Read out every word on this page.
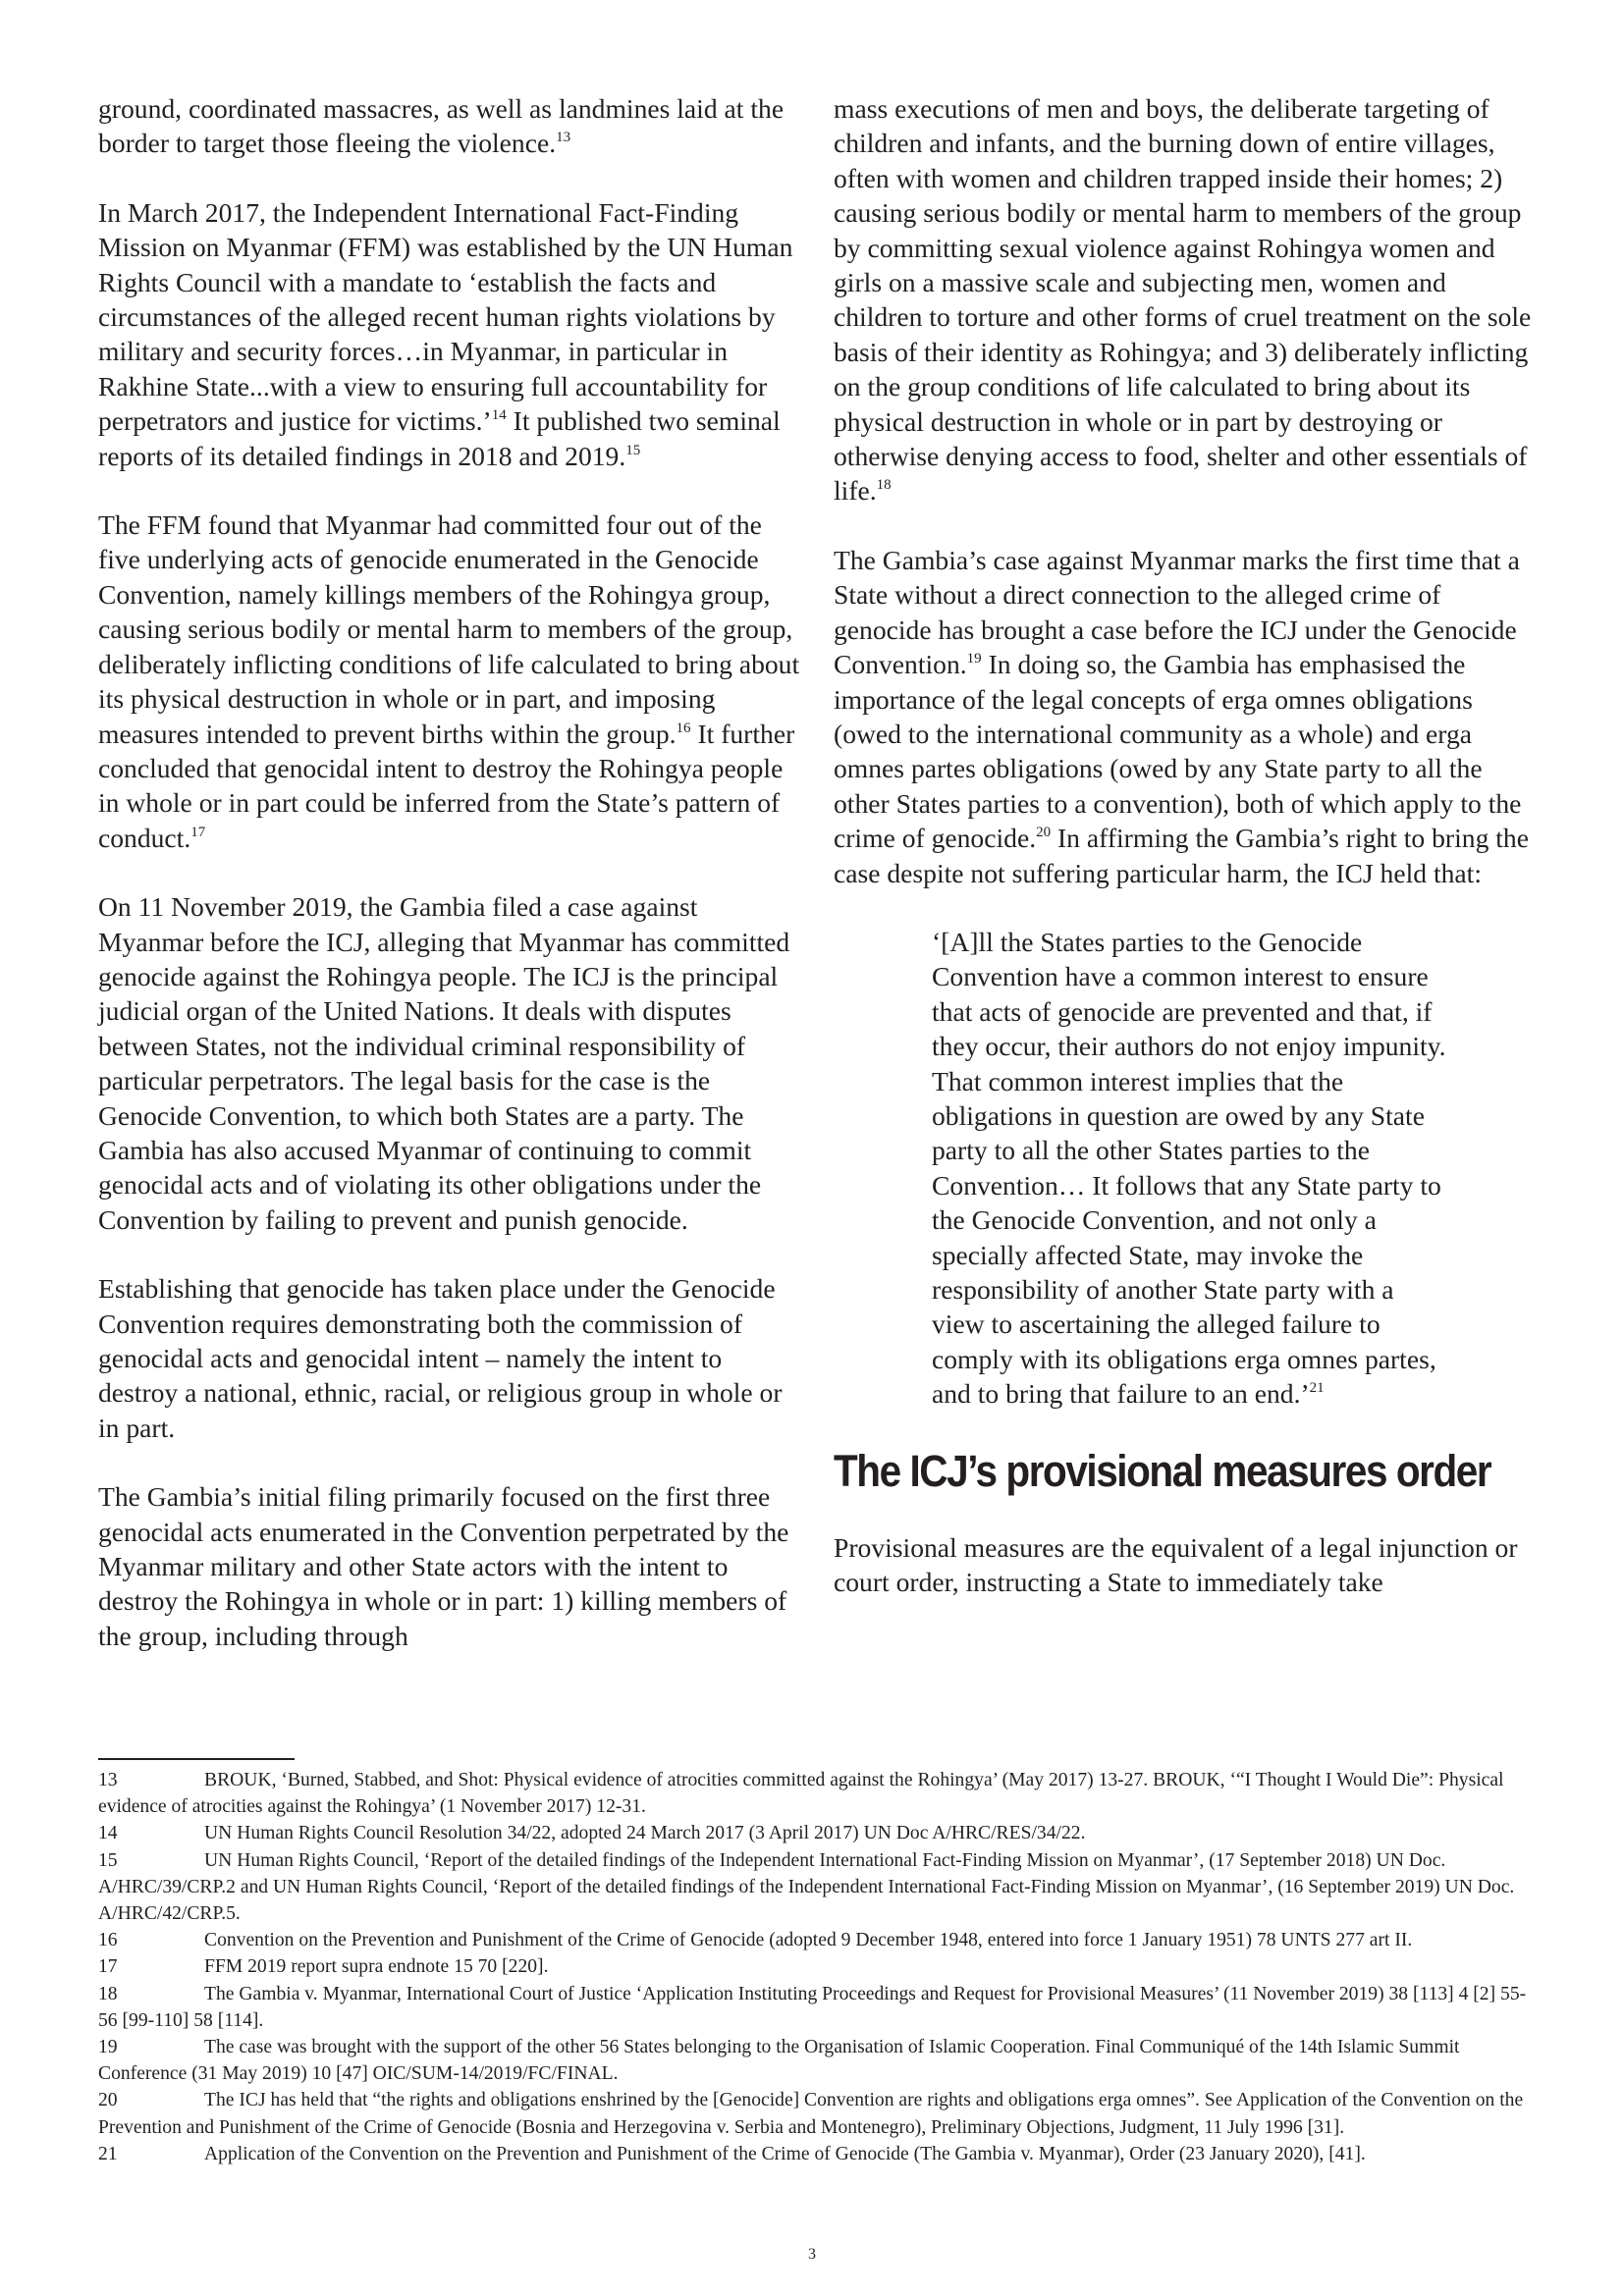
ground, coordinated massacres, as well as landmines laid at the border to target those fleeing the violence.$^{13}$

In March 2017, the Independent International Fact-Finding Mission on Myanmar (FFM) was established by the UN Human Rights Council with a mandate to ‘establish the facts and circumstances of the alleged recent human rights violations by military and security forces…in Myanmar, in particular in Rakhine State...with a view to ensuring full accountability for perpetrators and justice for victims.’$^{14}$ It published two seminal reports of its detailed findings in 2018 and 2019.15

The FFM found that Myanmar had committed four out of the five underlying acts of genocide enumerated in the Genocide Convention, namely killings members of the Rohingya group, causing serious bodily or mental harm to members of the group, deliberately inflicting conditions of life calculated to bring about its physical destruction in whole or in part, and imposing measures intended to prevent births within the group.$^{16}$ It further concluded that genocidal intent to destroy the Rohingya people in whole or in part could be inferred from the State’s pattern of conduct.$^{17}$

On 11 November 2019, the Gambia filed a case against Myanmar before the ICJ, alleging that Myanmar has committed genocide against the Rohingya people. The ICJ is the principal judicial organ of the United Nations. It deals with disputes between States, not the individual criminal responsibility of particular perpetrators. The legal basis for the case is the Genocide Convention, to which both States are a party. The Gambia has also accused Myanmar of continuing to commit genocidal acts and of violating its other obligations under the Convention by failing to prevent and punish genocide.

Establishing that genocide has taken place under the Genocide Convention requires demonstrating both the commission of genocidal acts and genocidal intent – namely the intent to destroy a national, ethnic, racial, or religious group in whole or in part.

The Gambia’s initial filing primarily focused on the first three genocidal acts enumerated in the Convention perpetrated by the Myanmar military and other State actors with the intent to destroy the Rohingya in whole or in part: 1) killing members of the group, including through

mass executions of men and boys, the deliberate targeting of children and infants, and the burning down of entire villages, often with women and children trapped inside their homes; 2) causing serious bodily or mental harm to members of the group by committing sexual violence against Rohingya women and girls on a massive scale and subjecting men, women and children to torture and other forms of cruel treatment on the sole basis of their identity as Rohingya; and 3) deliberately inflicting on the group conditions of life calculated to bring about its physical destruction in whole or in part by destroying or otherwise denying access to food, shelter and other essentials of life.$^{18}$

The Gambia’s case against Myanmar marks the first time that a State without a direct connection to the alleged crime of genocide has brought a case before the ICJ under the Genocide Convention.$^{19}$ In doing so, the Gambia has emphasised the importance of the legal concepts of erga omnes obligations (owed to the international community as a whole) and erga omnes partes obligations (owed by any State party to all the other States parties to a convention), both of which apply to the crime of genocide.$^{20}$ In affirming the Gambia’s right to bring the case despite not suffering particular harm, the ICJ held that:

‘[A]ll the States parties to the Genocide Convention have a common interest to ensure that acts of genocide are prevented and that, if they occur, their authors do not enjoy impunity. That common interest implies that the obligations in question are owed by any State party to all the other States parties to the Convention… It follows that any State party to the Genocide Convention, and not only a specially affected State, may invoke the responsibility of another State party with a view to ascertaining the alleged failure to comply with its obligations erga omnes partes, and to bring that failure to an end.’$^{21}$

The ICJ’s provisional measures order

Provisional measures are the equivalent of a legal injunction or court order, instructing a State to immediately take

13	BROUK, ‘Burned, Stabbed, and Shot: Physical evidence of atrocities committed against the Rohingya’ (May 2017) 13-27. BROUK, ‘“I Thought I Would Die”: Physical evidence of atrocities against the Rohingya’ (1 November 2017) 12-31.

14	UN Human Rights Council Resolution 34/22, adopted 24 March 2017 (3 April 2017) UN Doc A/HRC/RES/34/22.

15	UN Human Rights Council, ‘Report of the detailed findings of the Independent International Fact-Finding Mission on Myanmar’, (17 September 2018) UN Doc. A/HRC/39/CRP.2 and UN Human Rights Council, ‘Report of the detailed findings of the Independent International Fact-Finding Mission on Myanmar’, (16 September 2019) UN Doc. A/HRC/42/CRP.5.

16	Convention on the Prevention and Punishment of the Crime of Genocide (adopted 9 December 1948, entered into force 1 January 1951) 78 UNTS 277 art II.

17	FFM 2019 report supra endnote 15 70 [220].

18	The Gambia v. Myanmar, International Court of Justice ‘Application Instituting Proceedings and Request for Provisional Measures’ (11 November 2019) 38 [113] 4 [2] 55-56 [99-110] 58 [114].

19	The case was brought with the support of the other 56 States belonging to the Organisation of Islamic Cooperation. Final Communiqué of the 14th Islamic Summit Conference (31 May 2019) 10 [47] OIC/SUM-14/2019/FC/FINAL.

20	The ICJ has held that “the rights and obligations enshrined by the [Genocide] Convention are rights and obligations erga omnes”. See Application of the Convention on the Prevention and Punishment of the Crime of Genocide (Bosnia and Herzegovina v. Serbia and Montenegro), Preliminary Objections, Judgment, 11 July 1996 [31].

21	Application of the Convention on the Prevention and Punishment of the Crime of Genocide (The Gambia v. Myanmar), Order (23 January 2020), [41].

3
